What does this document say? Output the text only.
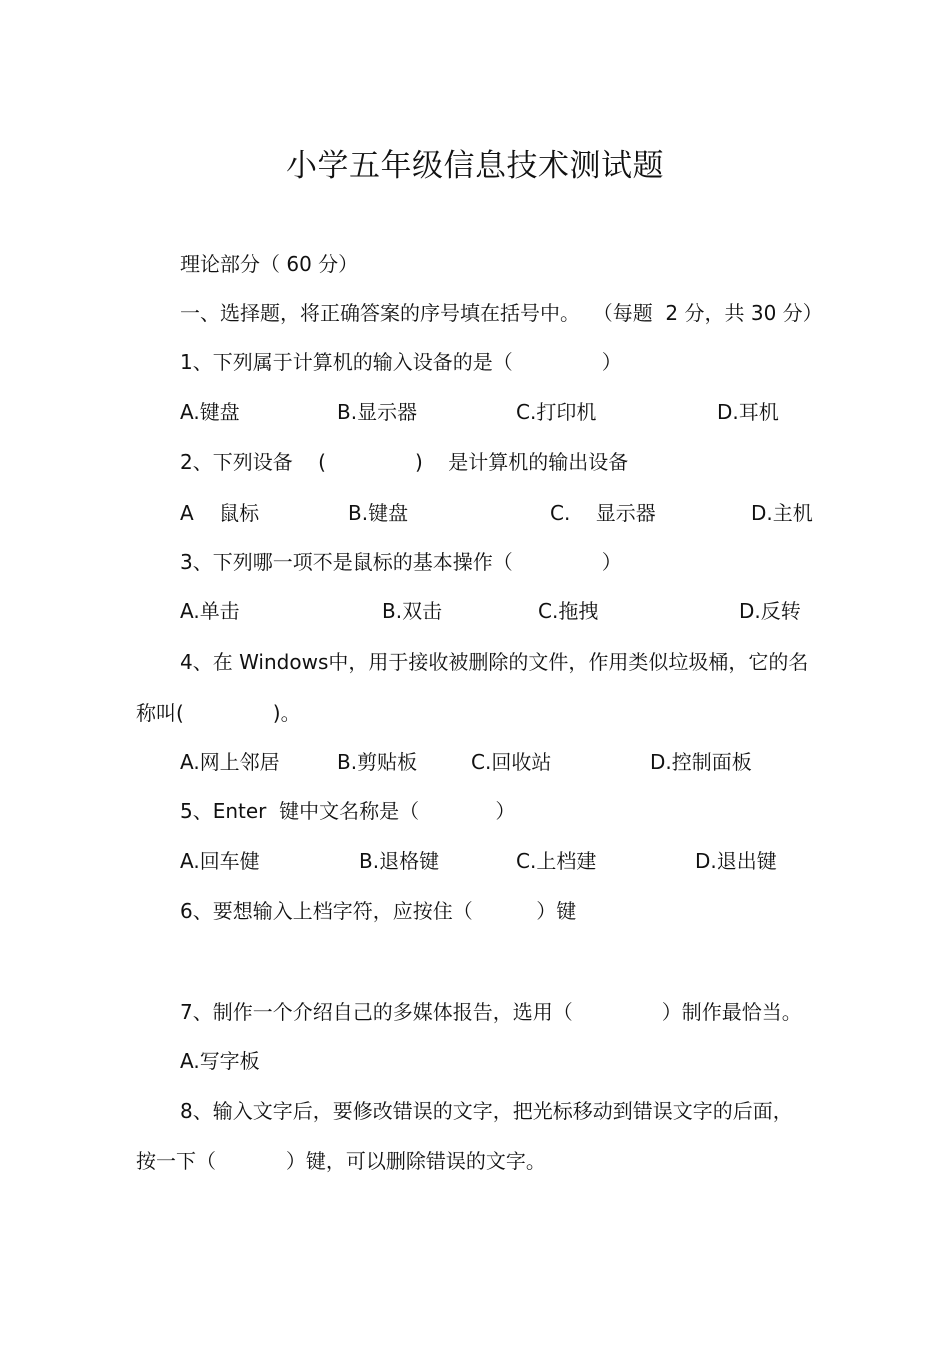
小学五年级信息技术测试题
理论部分（ 60 分）
一、选择题，将正确答案的序号填在括号中。  （每题  2 分，共 30 分）
1、下列属于计算机的输入设备的是（              ）
A.键盘	B.显示器	C.打印机	D.耳机
2、下列设备    (              )    是计算机的输出设备
A    鼠标	B.键盘	C.    显示器	D.主机
3、下列哪一项不是鼠标的基本操作（              ）
A.单击	B.双击	C.拖拽	D.反转
4、在 Windows中，用于接收被删除的文件，作用类似垃圾桶，它的名
称叫(              )。
A.网上邻居	B.剪贴板	C.回收站	D.控制面板
5、Enter  键中文名称是（            ）
A.回车健	B.退格键	C.上档建	D.退出键
6、要想输入上档字符，应按住（          ）键
7、制作一个介绍自己的多媒体报告，选用（              ）制作最恰当。
A.写字板
8、输入文字后，要修改错误的文字，把光标移动到错误文字的后面，
按一下（           ）键，可以删除错误的文字。
